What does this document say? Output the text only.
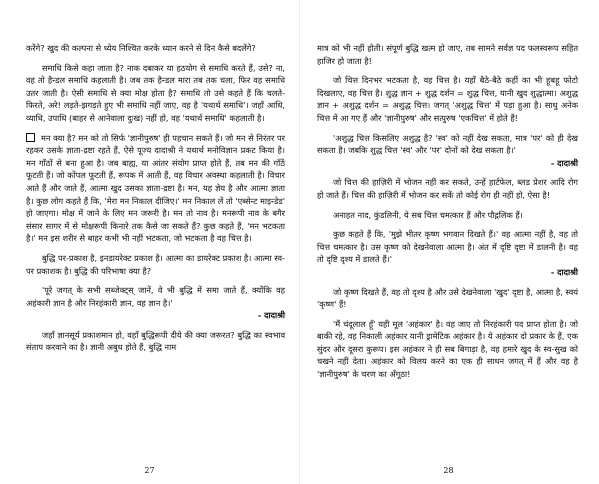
करेंगे? खुद की कल्पना से ध्येय निश्चित करके ध्यान करने से दिन कैसे बदलेंगे?

समाधि किसे कहा जाता है? नाक दबाकर या हठयोग से समाधि करते हैं, उसे? ना, वह तो हैन्डल समाधि कहलाती है। जब तक हैन्डल मारा तब तक चला, फिर वह समाधि उतर जाती है। ऐसी समाधि से क्या मोक्ष होता है? समाधि तो उसे कहते हैं कि चलते-फिरते, अरे! लड़ते-झगड़ते हुए भी समाधि नहीं जाए, वह है 'यथार्थ समाधि'। जहाँ आधि, व्याधि, उपाधि (बाहर से आनेवाला दुःख) नहीं हो, वह 'यथार्थ समाधि' कहलाती है।

मन क्या है? मन को तो सिर्फ 'ज्ञानीपुरुष' ही पहचान सकते हैं। जो मन से निरंतर पर रहकर उसके ज्ञाता-द्रष्टा रहते हैं, ऐसे पूज्य दादाश्री ने यथार्थ मनोविज्ञान प्रकट किया है। मन गाँठों से बना हुआ है। जब बाह्य, या आंतर संयोग प्राप्त होते हैं, तब मन की गाँठें फूटती हैं। जो कोंपल फूटती हैं, रूपक में आती हैं, वह विचार अवस्था कहलाती है। विचार आते हैं और जाते हैं, आत्मा खुद उसका ज्ञाता-द्रष्टा है। मन, यह ज्ञेय है और आत्मा ज्ञाता है। कुछ लोग कहते हैं कि, 'मेरा मन निकाल दीजिए।' मन निकाल लें तो 'एब्सेन्ट माइन्डेड' हो जाएगा। मोक्ष में जाने के लिए मन जरूरी है। मन तो नाव है। मनरूपी नाव के बगैर संसार सागर में से मोक्षरूपी किनारे तक कैसे जा सकते हैं? कुछ कहते हैं, 'मन भटकता है।' मन इस शरीर से बाहर कभी भी नहीं भटकता, जो भटकता है वह चित्त है।

बुद्धि पर-प्रकाश है, इनडायरेक्ट प्रकाश है। आत्मा का डायरेक्ट प्रकाश है। आत्मा स्व-पर प्रकाशक है। बुद्धि की परिभाषा क्या है?

'पूरे जगत् के सभी सब्जेक्ट्स् जानें, वे भी बुद्धि में समा जाते हैं, क्योंकि वह अहंकारी ज्ञान है और निरहंकारी ज्ञान, वह ज्ञान है।'
- दादाश्री

जहाँ ज्ञानसूर्य प्रकाशमान हो, वहाँ बुद्धिरूपी दीये की क्या जरूरत? बुद्धि का स्वभाव संताप करवाने का है। ज्ञानी अबुध होते हैं, बुद्धि नाम

27

मात्र को भी नहीं होती। संपूर्ण बुद्धि खत्म हो जाए, तब सामने सर्वज्ञ पद फलस्वरूप सहित हाजिर हो जाता है!

जो चित्त दिनभर भटकता है, वह चित्त है। यहाँ बैठे-बैठे कहीं का भी हूबहू फोटो दिखलाए, वह चित्त है। शुद्ध ज्ञान + शुद्ध दर्शन = शुद्ध चित्त, यानी खुद शुद्धात्मा। अशुद्ध ज्ञान + अशुद्ध दर्शन = अशुद्ध चित्त। जगत् 'अशुद्ध चित्त' में पड़ा हुआ है। साधु अनेक चित्त में आ गए हैं और 'ज्ञानीपुरुष' और सत्पुरुष 'एकचित्त' में होते हैं!

'अशुद्ध चित्त किसलिए अशुद्ध है? 'स्व' को नहीं देख सकता, मात्र 'पर' को ही देख सकता है। जबकि शुद्ध चित्त 'स्व' और 'पर' दोनों को देख सकता है।'
- दादाश्री

जो चित्त की हाज़िरी में भोजन नहीं कर सकते, उन्हें हार्टफेल, ब्लड प्रेशर आदि रोग हो जाते हैं। चित्त की हाज़िरी में भोजन कर सकें तो कोई रोग ही नहीं हो, ऐसा है!

अनाहत नाद, कुंडलिनी, ये सब चित्त चमत्कार हैं और पौद्गलिक हैं।

कुछ कहते हैं कि, 'मुझे भीतर कृष्ण भगवान दिखते हैं।' वह आत्मा नहीं है, वह तो चित्त चमत्कार है। उस कृष्ण को देखनेवाला आत्मा है। अंत में दृष्टि दृष्टा में डालनी है। वह तो दृष्टि दृश्य में डालते हैं।'
- दादाश्री

जो कृष्ण दिखते हैं, वह तो दृश्य है और उसे देखनेवाला 'खुद' दृष्टा है, आत्मा है, स्वयं 'कृष्ण' हैं!

'मैं चंदूलाल हूँ' यही मूल 'अहंकार' है। वह जाए तो निरहंकारी पद प्राप्त होता है। जो बाकी रहे, वह निकाली अहंकार यानी ड्रामेटिक अहंकार है। ये अहंकार दो प्रकार के हैं, एक सुंदर और दूसरा कुरूप। इस अहंकार ने ही सब बिगाड़ा है, वह हमारे खुद के स्व-सुख को चखने नहीं देता। अहंकार को विलय करने का एक ही साधन जगत् में हैं और वह है 'ज्ञानीपुरुष' के चरण का अँगूठा!

28
